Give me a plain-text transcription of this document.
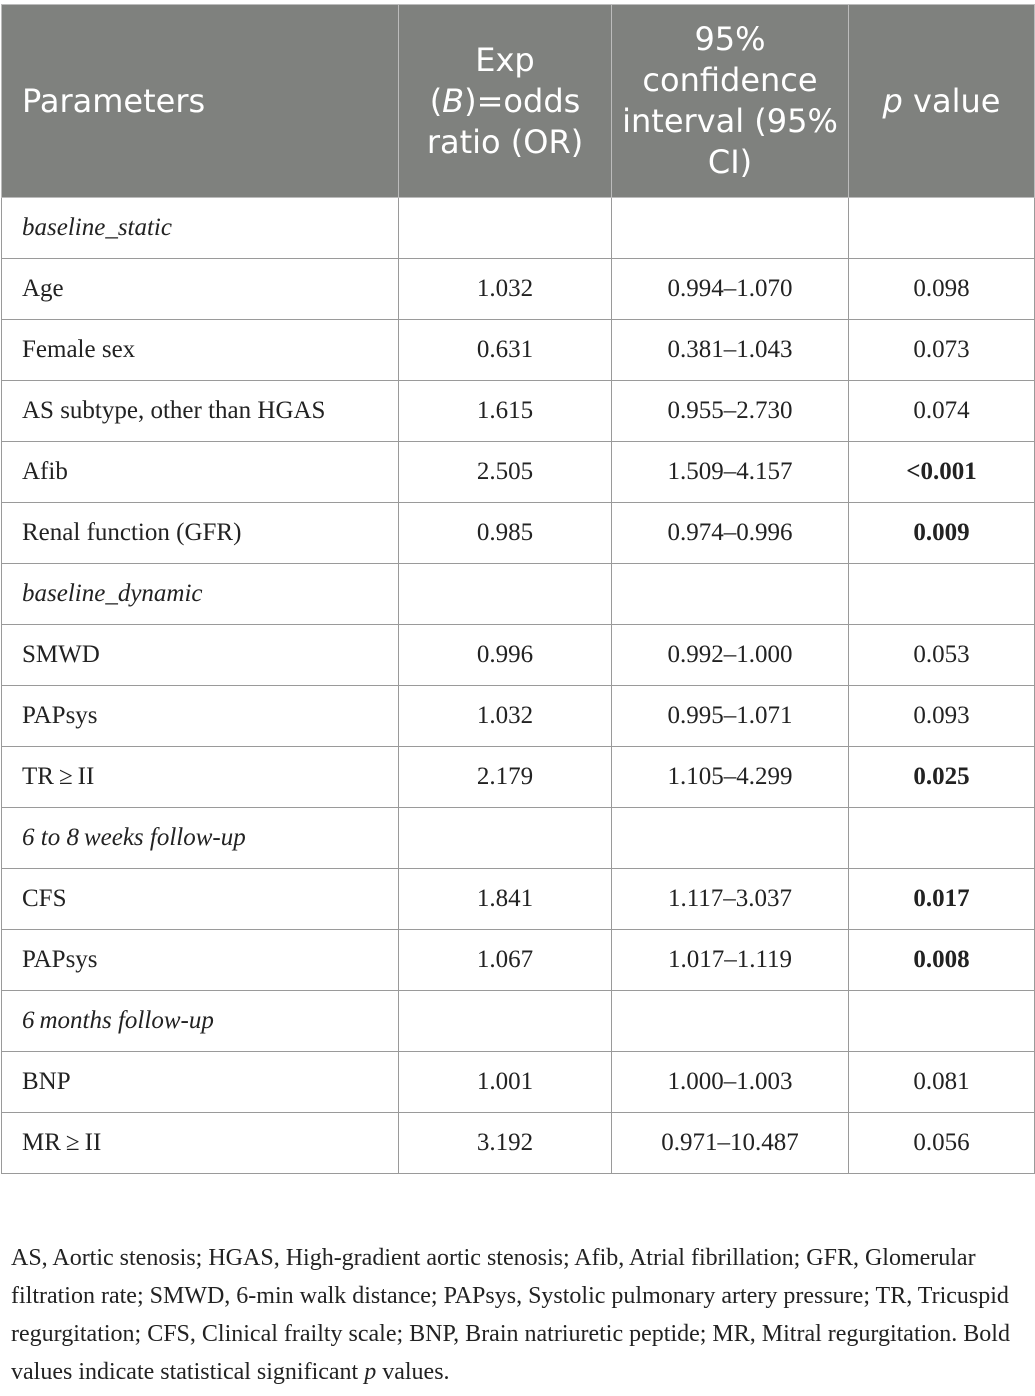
Parameters	Exp (B)=odds ratio (OR)	95% confidence interval (95% CI)	p value
baseline_static			
Age	1.032	0.994–1.070	0.098
Female sex	0.631	0.381–1.043	0.073
AS subtype, other than HGAS	1.615	0.955–2.730	0.074
Afib	2.505	1.509–4.157	<0.001
Renal function (GFR)	0.985	0.974–0.996	0.009
baseline_dynamic			
SMWD	0.996	0.992–1.000	0.053
PAPsys	1.032	0.995–1.071	0.093
TR ≥ II	2.179	1.105–4.299	0.025
6 to 8 weeks follow-up			
CFS	1.841	1.117–3.037	0.017
PAPsys	1.067	1.017–1.119	0.008
6 months follow-up			
BNP	1.001	1.000–1.003	0.081
MR ≥ II	3.192	0.971–10.487	0.056
AS, Aortic stenosis; HGAS, High-gradient aortic stenosis; Afib, Atrial fibrillation; GFR, Glomerular filtration rate; SMWD, 6-min walk distance; PAPsys, Systolic pulmonary artery pressure; TR, Tricuspid regurgitation; CFS, Clinical frailty scale; BNP, Brain natriuretic peptide; MR, Mitral regurgitation. Bold values indicate statistical significant p values.
